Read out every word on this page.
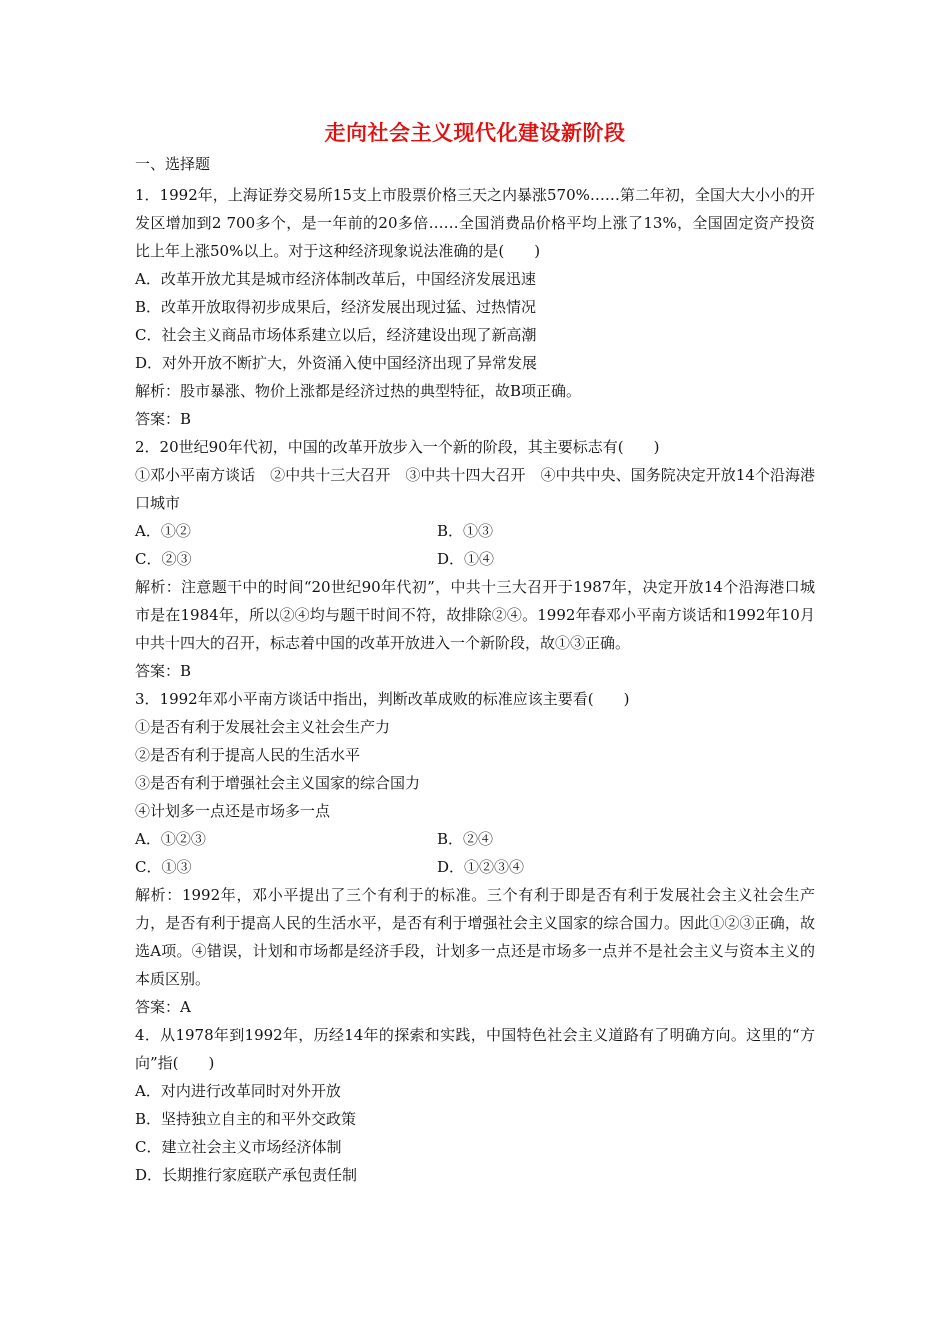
走向社会主义现代化建设新阶段
一、选择题
1．1992年，上海证券交易所15支上市股票价格三天之内暴涨570%……第二年初，全国大大小小的开发区增加到2 700多个，是一年前的20多倍……全国消费品价格平均上涨了13%，全国固定资产投资比上年上涨50%以上。对于这种经济现象说法准确的是(　　)
A．改革开放尤其是城市经济体制改革后，中国经济发展迅速
B．改革开放取得初步成果后，经济发展出现过猛、过热情况
C．社会主义商品市场体系建立以后，经济建设出现了新高潮
D．对外开放不断扩大，外资涌入使中国经济出现了异常发展
解析：股市暴涨、物价上涨都是经济过热的典型特征，故B项正确。
答案：B
2．20世纪90年代初，中国的改革开放步入一个新的阶段，其主要标志有(　　)
①邓小平南方谈话　②中共十三大召开　③中共十四大召开　④中共中央、国务院决定开放14个沿海港口城市
A．①②	B．①③
C．②③	D．①④
解析：注意题干中的时间“20世纪90年代初”，中共十三大召开于1987年，决定开放14个沿海港口城市是在1984年，所以②④均与题干时间不符，故排除②④。1992年春邓小平南方谈话和1992年10月中共十四大的召开，标志着中国的改革开放进入一个新阶段，故①③正确。
答案：B
3．1992年邓小平南方谈话中指出，判断改革成败的标准应该主要看(　　)
①是否有利于发展社会主义社会生产力
②是否有利于提高人民的生活水平
③是否有利于增强社会主义国家的综合国力
④计划多一点还是市场多一点
A．①②③	B．②④
C．①③	D．①②③④
解析：1992年，邓小平提出了三个有利于的标准。三个有利于即是否有利于发展社会主义社会生产力，是否有利于提高人民的生活水平，是否有利于增强社会主义国家的综合国力。因此①②③正确，故选A项。④错误，计划和市场都是经济手段，计划多一点还是市场多一点并不是社会主义与资本主义的本质区别。
答案：A
4．从1978年到1992年，历经14年的探索和实践，中国特色社会主义道路有了明确方向。这里的“方向”指(　　)
A．对内进行改革同时对外开放
B．坚持独立自主的和平外交政策
C．建立社会主义市场经济体制
D．长期推行家庭联产承包责任制
